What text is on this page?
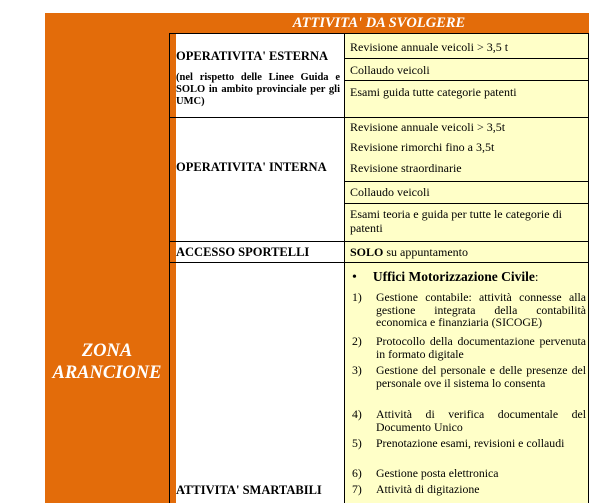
ATTIVITA' DA SVOLGERE
ZONA
ARANCIONE
OPERATIVITA' ESTERNA
(nel rispetto delle Linee Guida e SOLO in ambito provinciale per gli UMC)
Revisione annuale veicoli > 3,5 t
Collaudo veicoli
Esami guida tutte categorie patenti
OPERATIVITA' INTERNA
Revisione annuale veicoli > 3,5t
Revisione rimorchi fino a 3,5t
Revisione straordinarie
Collaudo veicoli
Esami teoria e guida per tutte le categorie di patenti
ACCESSO SPORTELLI	SOLO su appuntamento
ATTIVITA' SMARTABILI
• Uffici Motorizzazione Civile:
1) Gestione contabile: attività connesse alla gestione integrata della contabilità economica e finanziaria (SICOGE)
2) Protocollo della documentazione pervenuta in formato digitale
3) Gestione del personale e delle presenze del personale ove il sistema lo consenta
4) Attività di verifica documentale del Documento Unico
5) Prenotazione esami, revisioni e collaudi
6) Gestione posta elettronica
7) Attività di digitazione
